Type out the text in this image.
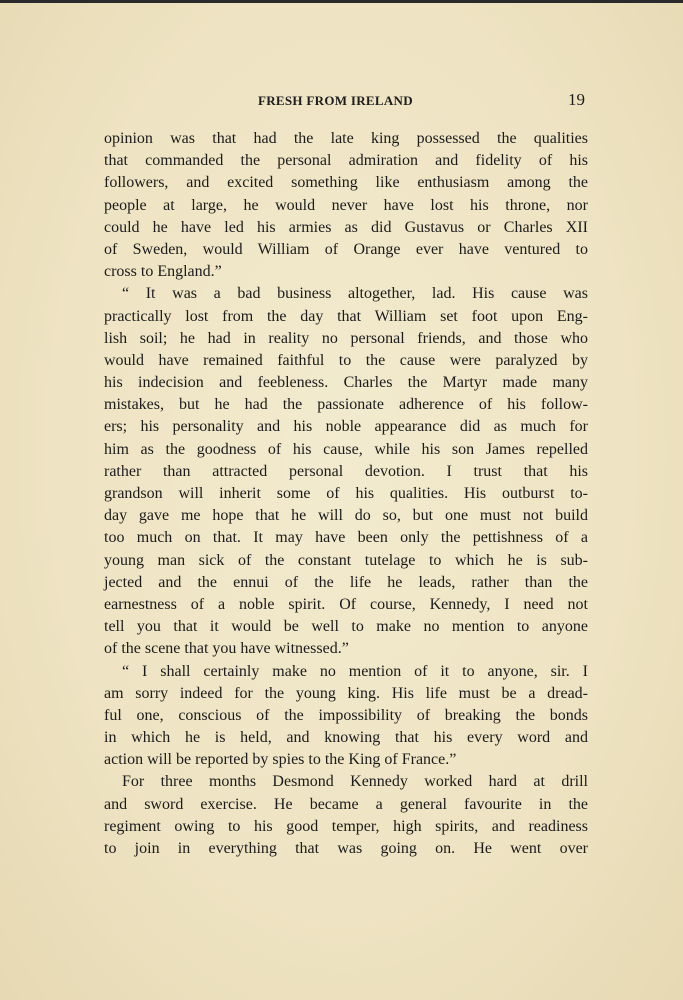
FRESH FROM IRELAND	19
opinion was that had the late king possessed the qualities
that commanded the personal admiration and fidelity of his
followers, and excited something like enthusiasm among the
people at large, he would never have lost his throne, nor
could he have led his armies as did Gustavus or Charles XII
of Sweden, would William of Orange ever have ventured to
cross to England.”
“ It was a bad business altogether, lad. His cause was
practically lost from the day that William set foot upon Eng-
lish soil; he had in reality no personal friends, and those who
would have remained faithful to the cause were paralyzed by
his indecision and feebleness. Charles the Martyr made many
mistakes, but he had the passionate adherence of his follow-
ers; his personality and his noble appearance did as much for
him as the goodness of his cause, while his son James repelled
rather than attracted personal devotion. I trust that his
grandson will inherit some of his qualities. His outburst to-
day gave me hope that he will do so, but one must not build
too much on that. It may have been only the pettishness of a
young man sick of the constant tutelage to which he is sub-
jected and the ennui of the life he leads, rather than the
earnestness of a noble spirit. Of course, Kennedy, I need not
tell you that it would be well to make no mention to anyone
of the scene that you have witnessed.”
“ I shall certainly make no mention of it to anyone, sir. I
am sorry indeed for the young king. His life must be a dread-
ful one, conscious of the impossibility of breaking the bonds
in which he is held, and knowing that his every word and
action will be reported by spies to the King of France.”
For three months Desmond Kennedy worked hard at drill
and sword exercise. He became a general favourite in the
regiment owing to his good temper, high spirits, and readiness
to join in everything that was going on. He went over
